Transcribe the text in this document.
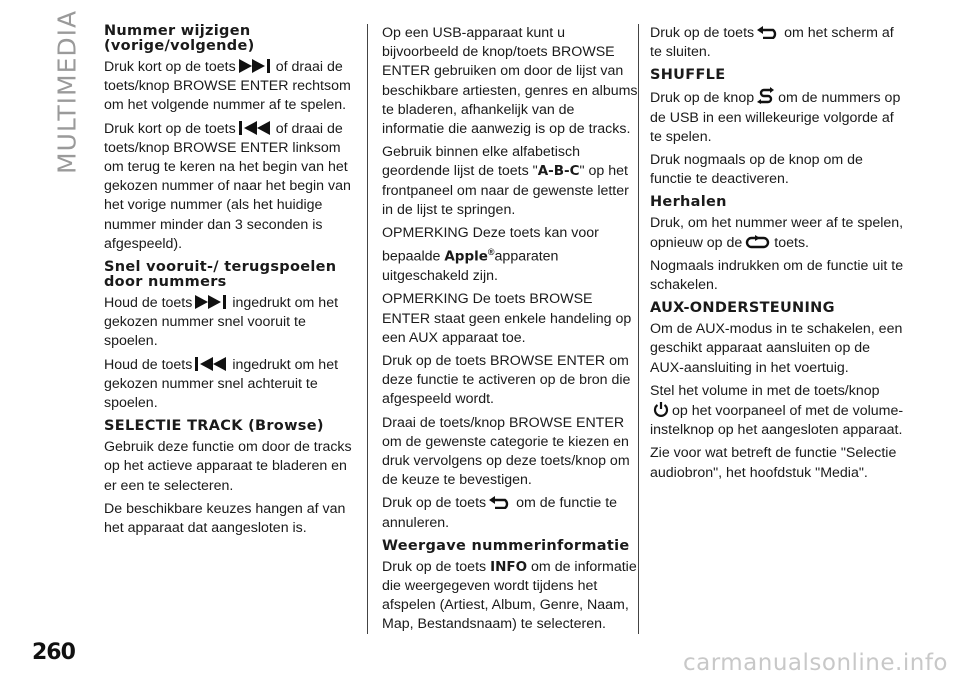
MULTIMEDIA Nummer wijzigen (vorige/volgende)

Druk kort op de toets	of draai de toets/knop BROWSE ENTER rechtsom om het volgende nummer af te spelen.

Druk kort op de toets	of draai de toets/knop BROWSE ENTER linksom om terug te keren na het begin van het gekozen nummer of naar het begin van het vorige nummer (als het huidige nummer minder dan 3 seconden is afgespeeld).

Snel vooruit-/ terugspoelen door nummers

Houd de toets	ingedrukt om het gekozen nummer snel vooruit te spoelen.

Houd de toets	ingedrukt om het gekozen nummer snel achteruit te spoelen.

SELECTIE TRACK (Browse)

Gebruik deze functie om door de tracks op het actieve apparaat te bladeren en er een te selecteren.

De beschikbare keuzes hangen af van het apparaat dat aangesloten is.

Op een USB-apparaat kunt u bijvoorbeeld de knop/toets BROWSE ENTER gebruiken om door de lijst van beschikbare artiesten, genres en albums te bladeren, afhankelijk van de informatie die aanwezig is op de tracks.

Gebruik binnen elke alfabetisch geordende lijst de toets "A-B-C" op het frontpaneel om naar de gewenste letter in de lijst te springen.

OPMERKING Deze toets kan voor bepaalde Apple®apparaten uitgeschakeld zijn.

OPMERKING De toets BROWSE ENTER staat geen enkele handeling op een AUX apparaat toe.

Druk op de toets BROWSE ENTER om deze functie te activeren op de bron die afgespeeld wordt.

Draai de toets/knop BROWSE ENTER om de gewenste categorie te kiezen en druk vervolgens op deze toets/knop om de keuze te bevestigen.

Druk op de toets om de functie te annuleren.

Weergave nummerinformatie

Druk op de toets INFO om de informatie die weergegeven wordt tijdens het afspelen (Artiest, Album, Genre, Naam, Map, Bestandsnaam) te selecteren.

Druk op de toets om het scherm af te sluiten.

SHUFFLE

Druk op de knop om de nummers op de USB in een willekeurige volgorde af te spelen.

Druk nogmaals op de knop om de functie te deactiveren.

Herhalen

Druk, om het nummer weer af te spelen, opnieuw op de toets.

Nogmaals indrukken om de functie uit te schakelen.

AUX-ONDERSTEUNING

Om de AUX-modus in te schakelen, een geschikt apparaat aansluiten op de AUX-aansluiting in het voertuig.

Stel het volume in met de toets/knop

op het voorpaneel of met de volume-instelknop op het aangesloten apparaat.

Zie voor wat betreft de functie "Selectie audiobron", het hoofdstuk "Media".

260	carmanualsonline.info
